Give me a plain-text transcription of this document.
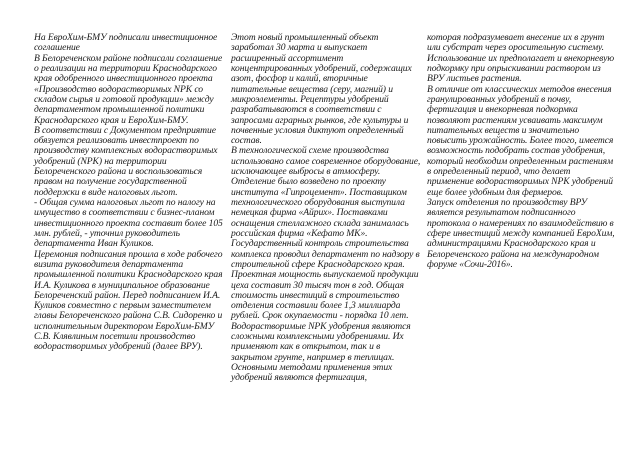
На ЕвроХим-БМУ подписали инвестиционное соглашение

В Белореченском районе подписали соглашение о реализации на территории Краснодарского края одобренного инвестиционного проекта «Производство водорастворимых NPK со складом сырья и готовой продукции» между департаментом промышленной политики Краснодарского края и ЕвроХим-БМУ.

В соответствии с Документом предприятие обязуется реализовать инвестпроект по производству комплексных водорастворимых удобрений (NPK) на территории Белореченского района и воспользоваться правом на получение государственной поддержки в виде налоговых льгот.

- Общая сумма налоговых льгот по налогу на имущество в соответствии с бизнес-планом инвестиционного проекта составит более 105 млн. рублей, - уточнил руководитель департамента Иван Куликов.

Церемония подписания прошла в ходе рабочего визита руководителя департамента промышленной политики Краснодарского края И.А. Куликова в муниципальное образование Белореченский район. Перед подписанием И.А. Куликов совместно с первым заместителем главы Белореченского района С.В. Сидоренко и исполнительным директором ЕвроХим-БМУ С.В. Клявлиным посетили производство водорастворимых удобрений (далее ВРУ).

Этот новый промышленный объект заработал 30 марта и выпускает расширенный ассортимент концентрированных удобрений, содержащих азот, фосфор и калий, вторичные питательные вещества (серу, магний) и микроэлементы. Рецептуры удобрений разрабатываются в соответствии с запросами аграрных рынков, где культуры и почвенные условия диктуют определенный состав.

В технологической схеме производства использовано самое современное оборудование, исключающее выбросы в атмосферу. Отделение было возведено по проекту института «Гипроцемент». Поставщиком технологического оборудования выступила немецкая фирма «Айрих». Поставками оснащения стеллажного склада занималась российская фирма «Кефато МК». Государственный контроль строительства комплекса проводил департамент по надзору в строительной сфере Краснодарского края. Проектная мощность выпускаемой продукции цеха составит 30 тысяч тон в год. Общая стоимость инвестиций в строительство отделения составили более 1,3 миллиарда рублей. Срок окупаемости - порядка 10 лет.

Водорастворимые NPK удобрения являются сложными комплексными удобрениями. Их применяют как в открытом, так и в закрытом грунте, например в теплицах. Основными методами применения этих удобрений являются фертигация,

которая подразумевает внесение их в грунт или субстрат через оросительную систему. Использование их предполагает и внекорневую подкормку при опрыскивании раствором из ВРУ листьев растения.

В отличие от классических методов внесения гранулированных удобрений в почву, фертигация и внекорневая подкормка позволяют растениям усваивать максимум питательных веществ и значительно повысить урожайность. Более того, имеется возможность подобрать состав удобрения, который необходим определенным растениям в определенный период, что делает применение водорастворимых NPK удобрений еще более удобным для фермеров.

Запуск отделения по производству ВРУ является результатом подписанного протокола о намерениях по взаимодействию в сфере инвестиций между компанией ЕвроХим, администрациями Краснодарского края и Белореченского района на международном форуме «Сочи-2016».
